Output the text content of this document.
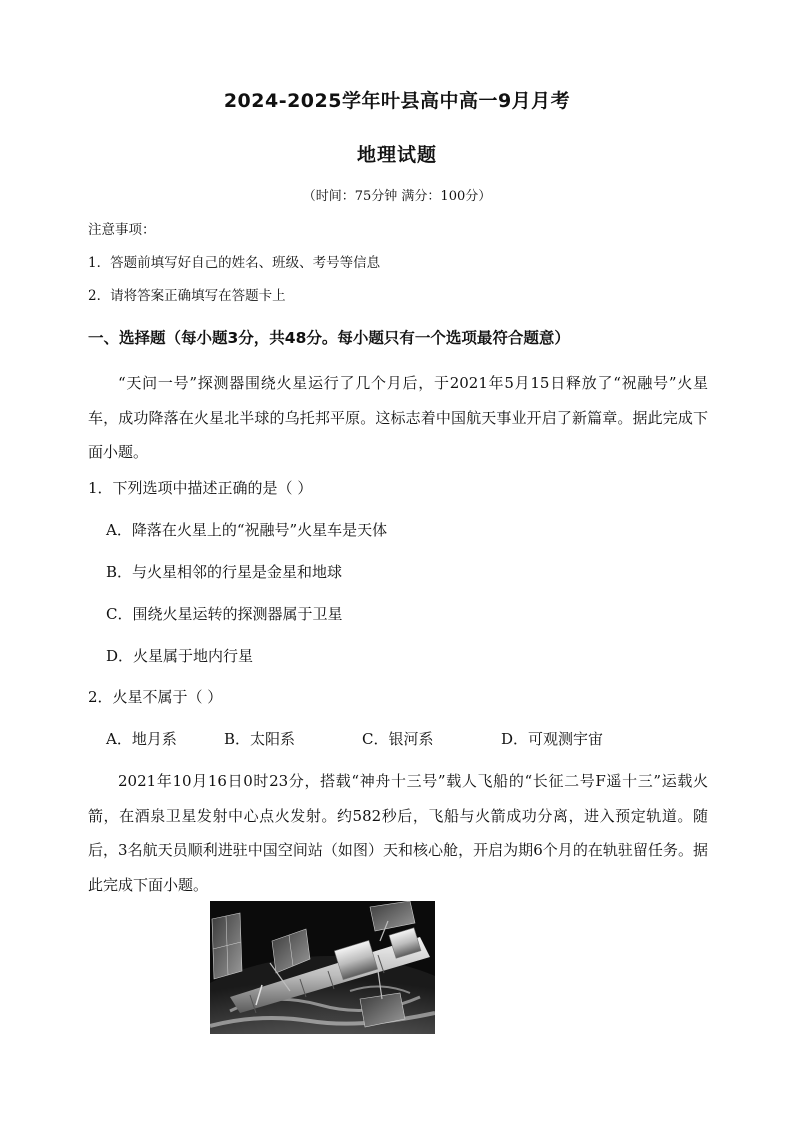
2024-2025学年叶县高中高一9月月考
地理试题
（时间：75分钟 满分：100分）
注意事项：
1．答题前填写好自己的姓名、班级、考号等信息
2．请将答案正确填写在答题卡上
一、选择题（每小题3分，共48分。每小题只有一个选项最符合题意）
“天问一号”探测器围绕火星运行了几个月后，于2021年5月15日释放了“祝融号”火星车，成功降落在火星北半球的乌托邦平原。这标志着中国航天事业开启了新篇章。据此完成下面小题。
1．下列选项中描述正确的是（ ）
A．降落在火星上的“祝融号”火星车是天体
B．与火星相邻的行星是金星和地球
C．围绕火星运转的探测器属于卫星
D．火星属于地内行星
2．火星不属于（ ）
A．地月系	B．太阳系	C．银河系	D．可观测宇宙
2021年10月16日0时23分，搭载“神舟十三号”载人飞船的“长征二号F遥十三”运载火箭，在酒泉卫星发射中心点火发射。约582秒后，飞船与火箭成功分离，进入预定轨道。随后，3名航天员顺利进驻中国空间站（如图）天和核心舱，开启为期6个月的在轨驻留任务。据此完成下面小题。
